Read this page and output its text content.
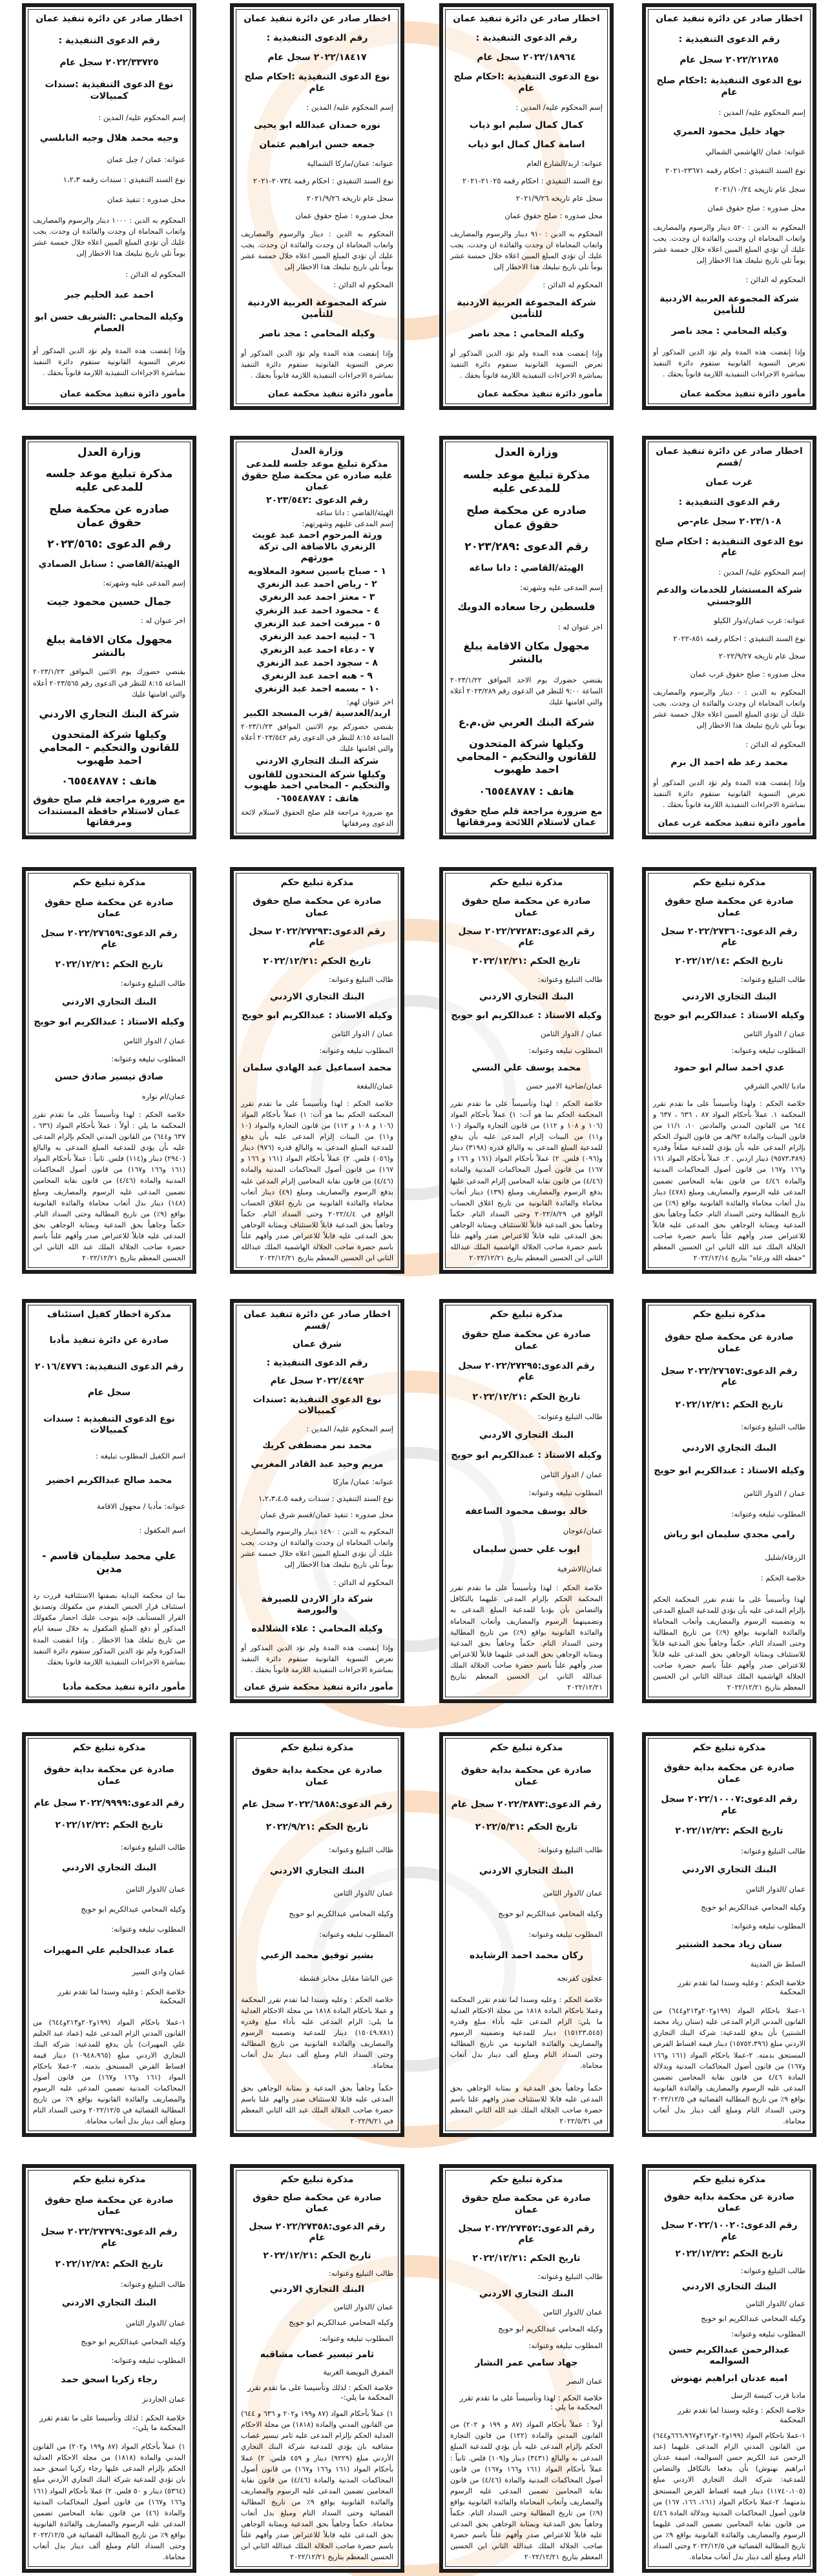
اخطار صادر عن دائرة تنفيذ عمان
رقم الدعوى التنفيذية :
٢٠٢٢/٢١٢٨٥ سجل عام
نوع الدعوى التنفيذية :احكام صلح عام
إسم المحكوم عليه/ المدين :
جهاد خليل محمود العمري
عنوانه: عمان /الهاشمي الشمالي
نوع السند التنفيذي : احكام رقمه ٢٣٦٧١-٢٠٢١
سجل عام تاريخه ٢٠٢١/١٠/٢٤
محل صدوره : صلح حقوق عمان
المحكوم به الدين : ٥٢٠ دينار والرسوم والمصاريف واتعاب المحاماة ان وجدت والفائدة ان وجدت. يجب عليك أن تؤدي المبلغ المبين اعلاه خلال خمسة عشر يوماً تلي تاريخ تبليغك هذا الاخطار إلى
المحكوم له الدائن :
شركة المجموعة العربية الاردنية للتأمين
وكيله المحامي : مجد ناصر
وإذا إنقضت هذه المدة ولم تؤد الدين المذكور أو تعرض التسوية القانونية ستقوم دائرة التنفيذ بمباشرة الاجراءات التنفيذية اللازمة قانوناً بحقك .
مأمور دائرة تنفيذ محكمة عمان
اخطار صادر عن دائرة تنفيذ عمان
رقم الدعوى التنفيذية :
٢٠٢٢/١٨٩٦٤ سجل عام
نوع الدعوى التنفيذية :احكام صلح عام
إسم المحكوم عليه/ المدين :
كمال كمال سليم ابو ذياب
اسامة كمال كمال ابو ذياب
عنوانه: اربد/الشارع العام
نوع السند التنفيذي : احكام رقمه ٢١٠٢٥-٢٠٢١
سجل عام تاريخه ٢٠٢١/٩/٢٦
محل صدوره : صلح حقوق عمان
المحكوم به الدين : ٩١٠ دينار والرسوم والمصاريف واتعاب المحاماة ان وجدت والفائدة ان وجدت. يجب عليك أن تؤدي المبلغ المبين اعلاه خلال خمسة عشر يوماً تلي تاريخ تبليغك هذا الاخطار إلى
المحكوم له الدائن :
شركة المجموعة العربية الاردنية للتأمين
وكيله المحامي : مجد ناصر
وإذا إنقضت هذه المدة ولم تؤد الدين المذكور أو تعرض التسوية القانونية ستقوم دائرة التنفيذ بمباشرة الاجراءات التنفيذية اللازمة قانوناً بحقك .
مأمور دائرة تنفيذ محكمة عمان
اخطار صادر عن دائرة تنفيذ عمان
رقم الدعوى التنفيذية :
٢٠٢٢/١٨٤١٧ سجل عام
نوع الدعوى التنفيذية :احكام صلح عام
إسم المحكوم عليه/ المدين :
نوره حمدان عبدالله ابو يحيى
جمعه حسن ابراهيم عثمان
عنوانه: عمان/ماركا الشمالية
نوع السند التنفيذي : احكام رقمه ٢٠٧٣٤-٢٠٢١
سجل عام تاريخه ٢٠٢١/٩/٢٦
محل صدوره : صلح حقوق عمان
المحكوم به الدين : دينار والرسوم والمصاريف واتعاب المحاماة ان وجدت والفائدة ان وجدت. يجب عليك أن تؤدي المبلغ المبين اعلاه خلال خمسة عشر يوماً تلي تاريخ تبليغك هذا الاخطار إلى
المحكوم له الدائن :
شركة المجموعة العربية الاردنية للتأمين
وكيله المحامي : مجد ناصر
وإذا إنقضت هذه المدة ولم تؤد الدين المذكور أو تعرض التسوية القانونية ستقوم دائرة التنفيذ بمباشرة الاجراءات التنفيذية اللازمة قانوناً بحقك .
مأمور دائرة تنفيذ محكمة عمان
اخطار صادر عن دائرة تنفيذ عمان
رقم الدعوى التنفيذية :
٢٠٢٢/٣٣٧٢٥ سجل عام
نوع الدعوى التنفيذية :سندات كمبيالات
إسم المحكوم عليه/ المدين :
وجيه محمد هلال وجيه النابلسي
عنوانه: عمان / جبل عمان
نوع السند التنفيذي : سندات رقمه ١،٢،٣
محل صدوره : تنفيذ عمان
المحكوم به الدين : ١٠٠٠ دينار والرسوم والمصاريف واتعاب المحاماة ان وجدت والفائدة ان وجدت. يجب عليك أن تؤدي المبلغ المبين اعلاه خلال خمسة عشر يوماً تلي تاريخ تبليغك هذا الاخطار إلى
المحكوم له الدائن :
احمد عبد الحليم جبر
وكيله المحامي :الشريف حسن ابو العصام
وإذا إنقضت هذه المدة ولم تؤد الدين المذكور أو تعرض التسوية القانونية ستقوم دائرة التنفيذ بمباشرة الاجراءات التنفيذية اللازمة قانوناً بحقك .
مأمور دائرة تنفيذ محكمة عمان
اخطار صادر عن دائرة تنفيذ عمان /قسم
غرب عمان
رقم الدعوى التنفيذية :
٢٠٢٣/١٠٨ سجل عام-ص
نوع الدعوى التنفيذية : احكام صلح عام
إسم المحكوم عليه/ المدين :
شركة المستشار للخدمات والدعم اللوجستي
عنوانه: غرب عمان/دوار الكيلو
نوع السند التنفيذي : احكام رقمه ٨٥١-٢٠٢٢
سجل عام تاريخه ٢٠٢٢/٩/٢٧
محل صدوره : صلح حقوق غرب عمان
المحكوم به الدين : ٠ دينار والرسوم والمصاريف واتعاب المحاماة ان وجدت والفائدة ان وجدت. يجب عليك أن تؤدي المبلغ المبين اعلاه خلال خمسة عشر يوماً تلي تاريخ تبليغك هذا الاخطار إلى
المحكوم له الدائن :
محمد رعد طه احمد ال برم
وإذا إنقضت هذه المدة ولم تؤد الدين المذكور أو تعرض التسوية القانونية ستقوم دائرة التنفيذ بمباشرة الاجراءات التنفيذية اللازمة قانوناً بحقك .
مأمور دائرة تنفيذ محكمة غرب عمان
وزارة العدل
مذكرة تبليغ موعد جلسه للمدعى عليه
صادره عن محكمة صلح حقوق عمان
رقم الدعوى :٢٠٢٣/٢٨٩
الهيئة/القاضي : دانا ساغه
إسم المدعى عليه وشهرته:
فلسطين رجا سعاده الدويك
اخر عنوان له :
مجهول مكان الاقامة يبلغ بالنشر
يقتضي حضورك يوم الاحد الموافق ٢٠٢٣/١/٢٢ الساعة ٩:٠٠ للنظر في الدعوى رقم ٢٠٢٣/٢٨٩ أعلاه والتي اقامتها عليك
شركة البنك العربي ش.م.ع
وكيلها شركة المتحدون للقانون والتحكيم - المحامي احمد طهبوب
هاتف : ٠٦٥٥٤٨٧٨٧
مع ضرورة مراجعة قلم صلح حقوق عمان لاستلام اللائحة ومرفقاتها
وزارة العدل
مذكرة تبليغ موعد جلسه للمدعى عليه صادره عن محكمة صلح حقوق عمان
رقم الدعوى :٢٠٢٣/٥٤٢
الهيئة/القاضي : دانا ساغه
إسم المدعى عليهم وشهرتهم:
ورثة المرحوم احمد عبد غويث الزنغري بالاضافة الى تركة مورثهم
١ - صباح ياسين سعود المعلاويه
٢ - رياض احمد عبد الزنغري
٣ - معتز احمد عبد الزنغري
٤ - محمود احمد عبد الزنغري
٥ - ميرفت احمد عبد الزنغري
٦ - لبنيه احمد عبد الزنغري
٧ - دعاء احمد عبد الزنغري
٨ - سجود احمد عبد الزنغري
٩ - هبه احمد عبد الزنغري
١٠ - بسمه احمد عبد الزنغري
اخر عنوان لهم:
اربد/العدسية /قرب المسجد الكبير
يقتضي حضوركم يوم الاثنين الموافق ٢٠٢٣/١/٢٣ الساعة ٨:١٥ للنظر في الدعوى رقم ٢٠٢٣/٥٤٢ أعلاه والتي اقامتها عليك
شركة البنك التجاري الاردني
وكيلها شركة المتحدون للقانون والتحكيم - المحامي احمد طهبوب
هاتف : ٠٦٥٥٤٨٧٨٧
مع ضرورة مراجعة قلم صلح الحقوق لاستلام لائحة الدعوى ومرفقاتها
وزارة العدل
مذكرة تبليغ موعد جلسه للمدعى عليه
صادره عن محكمة صلح حقوق عمان
رقم الدعوى :٢٠٢٣/٥٦٥
الهيئة/القاضي : سنابل الصمادي
إسم المدعى عليه وشهرته:
جمال حسين محمود جيت
اخر عنوان له :
مجهول مكان الاقامة يبلغ بالنشر
يقتضي حضورك يوم الاثنين الموافق ٢٠٢٣/١/٢٣ الساعة ٨:١٥ للنظر في الدعوى رقم ٢٠٢٣/٥٦٥ أعلاه والتي اقامتها عليك
شركة البنك التجاري الاردني
وكيلها شركة المتحدون للقانون والتحكيم - المحامي احمد طهبوب
هاتف : ٠٦٥٥٤٨٧٨٧
مع ضرورة مراجعة قلم صلح حقوق عمان لاستلام حافظة المستندات ومرفقاتها
مذكرة تبليغ حكم
صادرة عن محكمة صلح حقوق عمان
رقم الدعوى:٢٠٢٢/٢٧٣٦٠ سجل عام
تاريخ الحكم :٢٠٢٢/١٢/١٤
طالب التبليغ وعنوانه:
البنك التجاري الاردني
وكيله الاستاذ : عبدالكريم ابو حويج
عمان / الدوار الثامن
المطلوب تبليغه وعنوانه:
عدي احمد سالم ابو حمود
مادبا /الحي الشرقي
خلاصة الحكم : ولهذا وتأسيساً على ما تقدم تقرر المحكمة ١. عملاً بأحكام المواد ٨٧ ، ٦٣٦ ، ٦٣٧ و ٦٤٤ من القانون المدني والمادتين ١٠، ١١/١ من قانون البينات والمادة ٩٢/هـ من قانون البنوك الحكم بإلزام المدعى عليه بأن يؤدي للمدعية مبلغاً وقدره (٩٥٧٣،٣٨٩) دينار اردني . ٢. عملاً بأحكام المواد ١٦١ و١٦٦ و١٦٧ من قانون أصول المحاكمات المدنية والمادة ٤/٤٦ من قانون نقابة المحامين تضمين المدعى عليه الرسوم والمصاريف ومبلغ (٤٧٨) دينار بدل أتعاب محاماة والفائدة القانونية بواقع (٩٪) من تاريخ المطالبة وحتى السداد التام. حكماً وجاهياً بحق المدعية وبمثابة الوجاهي بحق المدعى عليه قابلاً للاعتراض صدر وأفهم علناً باسم حضرة صاحب الجلالة الملك عبد الله الثاني ابن الحسين المعظم "حفظه الله ورعاه" بتاريخ ٢٠٢٢/١٢/١٤
مذكرة تبليغ حكم
صادرة عن محكمة صلح حقوق عمان
رقم الدعوى:٢٠٢٢/٢٧٢٨٣ سجل عام
تاريخ الحكم :٢٠٢٢/١٢/٢١
طالب التبليغ وعنوانه:
البنك التجاري الاردني
وكيله الاستاذ : عبدالكريم ابو حويج
عمان / الدوار الثامن
المطلوب تبليغه وعنوانه:
محمد يوسف علي النسي
عمان/ضاحية الامير حسن
خلاصة الحكم : لهذا وتأسيساً على ما تقدم تقرر المحكمة الحكم بما هو آت: ١) عملاً بأحكام المواد (١٠٦ و ١٠٨ و ١١٢) من قانون التجارة والمواد (١٠ و١١) من البينات إلزام المدعى عليه بأن يدفع للمدعية المبلغ المدعى به والبالغ قدره (٣١٩٨) دينار و(٠٩٦) فلس. ٢) عملاً بأحكام المواد (١٦١ و ١٦٦ و ١٦٧) من قانون أصول المحاكمات المدنية والمادة (٤/٤٦) من قانون نقابة المحامين إلزام المدعى عليها بدفع الرسوم والمصاريف ومبلغ (١٣٩) دينار أتعاب محاماة والفائدة القانونية من تاريخ اغلاق الحساب الواقع في ٢٠٢٢/٨/٢٩ وحتى السداد التام. حكماً وجاهياً بحق المدعية قابلاً للاستئناف وبمثابة الوجاهي بحق المدعى عليه قابلاً للاعتراض صدر وأفهم علناً باسم حضرة صاحب الجلالة الهاشمية الملك عبدالله الثاني ابن الحسين المعظم بتاريخ ٢٠٢٢/١٢/٢١
مذكرة تبليغ حكم
صادرة عن محكمة صلح حقوق عمان
رقم الدعوى:٢٠٢٢/٢٧٢٩٣ سجل عام
تاريخ الحكم :٢٠٢٢/١٢/٢١
طالب التبليغ وعنوانه:
البنك التجاري الاردني
وكيله الاستاذ : عبدالكريم ابو حويج
عمان / الدوار الثامن
المطلوب تبليغه وعنوانه:
محمد اسماعيل عبد الهادي سلمان
عمان/البقعة
خلاصة الحكم : لهذا وتأسيساً على ما تقدم تقرر المحكمة الحكم بما هو آت: ١) عملاً بأحكام المواد (١٠٦ و ١٠٨ و ١١٢) من قانون التجارة والمواد (١٠ و١١) من البينات إلزام المدعى عليه بأن يدفع للمدعية المبلغ المدعى به والبالغ قدره (٩٧٦) دينار و(٠٥٦) فلس. ٢) عملاً بأحكام المواد (١٦١ و ١٦٦ و ١٦٧) من قانون أصول المحاكمات المدنية والمادة (٤/٤٦) من قانون نقابة المحامين إلزام المدعى عليه بدفع الرسوم والمصاريف ومبلغ (٤٩) دينار أتعاب محاماة والفائدة القانونية من تاريخ اغلاق الحساب الواقع في ٢٠٢٢/٤/٤ وحتى السداد التام. حكماً وجاهياً بحق المدعية قابلاً للاستئناف وبمثابة الوجاهي بحق المدعى عليه قابلاً للاعتراض صدر وأفهم علناً باسم حضرة صاحب الجلالة الهاشمية الملك عبدالله الثاني ابن الحسين المعظم بتاريخ ٢٠٢٢/١٢/٢١
مذكرة تبليغ حكم
صادرة عن محكمة صلح حقوق عمان
رقم الدعوى:٢٠٢٢/٢٧٦٥٩ سجل عام
تاريخ الحكم :٢٠٢٢/١٢/٢١
طالب التبليغ وعنوانه:
البنك التجاري الاردني
وكيله الاستاذ : عبدالكريم ابو حويج
عمان / الدوار الثامن
المطلوب تبليغه وعنوانه:
صادق تيسير صادق حسن
عمان/ام نواره
خلاصة الحكم : لهذا وتأسيساً على ما تقدم تقرر المحكمة ما يلي : أولاً : عملاً بأحكام المواد (٦٣٦ ، ٦٣٧ و٦٤٤) من القانون المدني الحكم بإلزام المدعى عليه بأن يؤدي للمدعية المبلغ المدعى به والبالغ (٢٩٤٠) دينار و(١١٤) فلس. ثانياً : عملاً بأحكام المواد (١٦١ و١٦٦ و١٦٧) من قانون أصول المحاكمات المدنية والمادة (٤/٤٦) من قانون نقابة المحامين تضمين المدعى عليه الرسوم والمصاريف ومبلغ (١٤٨) دينار بدل أتعاب محاماة والفائدة القانونية بواقع (٩٪) من تاريخ المطالبة وحتى السداد التام. حكماً وجاهياً بحق المدعية وبمثابة الوجاهي بحق المدعى عليه قابلاً للاعتراض صدر وأفهم علناً باسم حضرة صاحب الجلالة الملك عبد الله الثاني ابن الحسين المعظم بتاريخ ٢٠٢٢/١٢/٢١
مذكرة تبليغ حكم
صادرة عن محكمة صلح حقوق عمان
رقم الدعوى:٢٠٢٢/٢٧٦٥٧ سجل عام
تاريخ الحكم :٢٠٢٢/١٢/٢١
طالب التبليغ وعنوانه:
البنك التجاري الاردني
وكيله الاستاذ : عبدالكريم ابو حويج
عمان / الدوار الثامن
المطلوب تبليغه وعنوانه:
رامي مجدي سليمان ابو رياش
الزرقاء/شليل
خلاصة الحكم :
لهذا وتأسيساً على ما تقدم تقرر المحكمة الحكم بإلزام المدعى عليه بأن يؤدي للمدعية المبلغ المدعى به وتضمينه الرسوم والمصاريف وأتعاب المحاماة والفائدة القانونية بواقع (٩٪) من تاريخ المطالبة وحتى السداد التام. حكماً وجاهياً بحق المدعية قابلاً للاستئناف وبمثابة الوجاهي بحق المدعى عليه قابلاً للاعتراض صدر وأفهم علناً باسم حضرة صاحب الجلالة الهاشمية الملك عبدالله الثاني ابن الحسين المعظم بتاريخ ٢٠٢٢/١٢/٢١
مذكرة تبليغ حكم
صادرة عن محكمة صلح حقوق عمان
رقم الدعوى:٢٠٢٢/٢٧٢٩٥ سجل عام
تاريخ الحكم :٢٠٢٢/١٢/٢١
طالب التبليغ وعنوانه:
البنك التجاري الاردني
وكيله الاستاذ : عبدالكريم ابو حويج
عمان / الدوار الثامن
المطلوب تبليغه وعنوانه:
خالد يوسف محمود الساعفه
عمان/عوجان
ايوب علي حسن سليمان
عمان/الاشرفية
خلاصة الحكم : لهذا وتأسيساً على ما تقدم تقرر المحكمة الحكم بإلزام المدعى عليهما بالتكافل والتضامن بأن يؤديا للمدعية المبلغ المدعى به وتضمينهما الرسوم والمصاريف وأتعاب المحاماة والفائدة القانونية بواقع (٩٪) من تاريخ المطالبة وحتى السداد التام. حكماً وجاهياً بحق المدعية وبمثابة الوجاهي بحق المدعى عليهما قابلاً للاعتراض صدر وأفهم علناً باسم حضرة صاحب الجلالة الملك عبدالله الثاني ابن الحسين المعظم بتاريخ ٢٠٢٢/١٢/٢١
اخطار صادر عن دائرة تنفيذ عمان /قسم
شرق عمان
رقم الدعوى التنفيذية :
٢٠٢٢/٤٤٩٣ سجل عام
نوع الدعوى التنفيذية :سندات كمبيالات
إسم المحكوم عليه/ المدين :
محمد نمر مصطفى كريك
مريم وحيد عبد القادر المغربي
عنوانه: عمان/ ماركا
نوع السند التنفيذي : سندات رقمه ١،٢،٣،٤،٥
محل صدوره : تنفيذ عمان/قسم شرق عمان
المحكوم به الدين : ١٤٩٠ دينار والرسوم والمصاريف واتعاب المحاماة ان وجدت والفائدة ان وجدت. يجب عليك أن تؤدي المبلغ المبين اعلاه خلال خمسة عشر يوماً تلي تاريخ تبليغك هذا الاخطار إلى
المحكوم له الدائن :
شركة دار الاردن للصيرفة والبورصة
وكيله المحامي : علاء الشلالده
وإذا إنقضت هذه المدة ولم تؤد الدين المذكور أو تعرض التسوية القانونية ستقوم دائرة التنفيذ بمباشرة الاجراءات التنفيذية اللازمة قانوناً بحقك .
مأمور دائرة تنفيذ محكمة شرق عمان
مذكرة اخطار كفيل استئناف
صادرة عن دائرة تنفيذ مأدبا
رقم الدعوى التنفيذية: ٢٠١٦/٤٧٧٦
سجل عام
نوع الدعوى التنفيذية : سندات كمبيالات
اسم الكفيل المطلوب تبليغه :
محمد صالح عبدالكريم اخضير
عنوانه: مأدبا / مجهول الاقامة
اسم المكفول :
علي محمد سليمان قاسم - مدين
بما ان محكمة البداية بصفتها الاستئنافية قررت رد استئناف قرار الحبس المقدم من مكفولك وتصديق القرار المستأنف فإنه يتوجب عليك احضار مكفولك المذكور أو دفع المبلغ المكفول به خلال سبعة ايام من تاريخ تبلغك هذا الاخطار . وإذا انقضت المدة المذكورة ولم تؤد الدين المذكور ستقوم دائرة التنفيذ بمباشرة الاجراءات التنفيذية اللازمة قانونا بحقك
مأمور دائرة تنفيذ محكمة مأدبا
مذكرة تبليغ حكم
صادرة عن محكمة بداية حقوق عمان
رقم الدعوى:٢٠٢٢/١٠٠٠٧ سجل عام
تاريخ الحكم :٢٠٢٢/١٢/٢٢
طالب التبليغ وعنوانه:
البنك التجاري الاردني
عمان /الدوار الثامن
وكيله المحامي عبدالكريم ابو حويج
المطلوب تبليغه وعنوانه:
سنان زياد محمد الشنتير
السلط ش المدينة
خلاصة الحكم : وعليه وسندا لما تقدم تقرر المحكمة
١-عملا باحكام المواد (١٩٩و٢٠٢و٢١٣و٦٤٤) من القانون المدني الزام المدعى عليه (سنان زياد محمد الشنتير) بأن يدفع للمدعية: شركة البنك التجاري الاردني مبلغ (١٥٧٥٢،٣٩٦) دينار قيمة اقساط القرض المستحق بذمته. ٢-عملا باحكام المواد (١٦١ و١٦٦ و١٦٧) من قانون أصول المحاكمات المدنية وبدلالة المادة ٤/٤٦ من قانون نقابة المحامين تضمين المدعى عليه الرسوم والمصاريف والفائدة القانونية بواقع ٩٪ من تاريخ المطالبة القضائية في ٢٠٢٢/١٢/٥ وحتى السداد التام ومبلغ ألف دينار بدل أتعاب محاماة.
مذكرة تبليغ حكم
صادرة عن محكمة بداية حقوق عمان
رقم الدعوى:٢٠٢٢/٣٨٧٣ سجل عام
تاريخ الحكم :٢٠٢٢/٥/٣١
طالب التبليغ وعنوانه:
البنك التجاري الاردني
عمان /الدوار الثامن
وكيله المحامي عبدالكريم ابو حويج
المطلوب تبليغه وعنوانه:
ركان محمد احمد الرشايده
عجلون كفرنجه
خلاصة الحكم : وعليه وسندا لما تقدم تقرر المحكمة وعملا باحكام المادة ١٨١٨ من مجلة الاحكام العدلية ما يلي: الزام المدعى عليه بأداء مبلغ وقدره (١٥١٢٣،٥٤٥) دينار للمدعية وتضمينه الرسوم والمصاريف والفائدة القانونية من تاريخ المطالبة وحتى السداد التام ومبلغ ألف دينار بدل أتعاب محاماة.
حكماً وجاهياً بحق المدعية و بمثابة الوجاهي بحق المدعى عليه قابلا للاستئناف صدر وافهم علنا باسم حضرة صاحب الجلالة الملك عبد الله الثاني المعظم في ٢٠٢٢/٥/٣١
مذكرة تبليغ حكم
صادرة عن محكمة بداية حقوق عمان
رقم الدعوى:٢٠٢٢/٦٨٥٨ سجل عام
تاريخ الحكم :٢٠٢٢/٩/٢١
طالب التبليغ وعنوانه:
البنك التجاري الاردني
عمان /الدوار الثامن
وكيله المحامي عبدالكريم ابو حويج
المطلوب تبليغه وعنوانه:
بشير توفيق محمد الزعبي
عين الباشا مقابل مخابز قشطة
خلاصة الحكم : وعليه وسندا لما تقدم تقرر المحكمة و عملا باحكام المادة ١٨١٨ من مجلة الاحكام العدلية ما يلي: الزام المدعى عليه بأداء مبلغ وقدره (١٥٠٤٩،٧٨١) دينار للمدعية وتضمينه الرسوم والمصاريف والفائدة القانونية من تاريخ المطالبة وحتى السداد التام ومبلغ ألف دينار بدل أتعاب محاماة.
حكماً وجاهياً بحق المدعية و بمثابة الوجاهي بحق المدعى عليه قابلا للاستئناف صدر والهم علنا باسم حضرة صاحب الجلالة الملك عبد الله الثاني المعظم في ٢٠٢٢/٩/٢١
مذكرة تبليغ حكم
صادرة عن محكمة بداية حقوق عمان
رقم الدعوى:٢٠٢٢/٩٩٩٩ سجل عام
تاريخ الحكم :٢٠٢٢/١٢/٢٢
طالب التبليغ وعنوانه:
البنك التجاري الاردني
عمان /الدوار الثامن
وكيله المحامي عبدالكريم ابو حويج
المطلوب تبليغه وعنوانه:
عماد عبدالحليم علي المهيرات
عمان وادي السير
خلاصة الحكم : وعليه وسندا لما تقدم تقرر المحكمة
١-عملا باحكام المواد (١٩٩و٢٠٢و٢١٣و٦٤٤) من القانون المدني الزام المدعى عليه (عماد عبد الحليم علي المهيرات) بأن يدفع للمدعية: شركة البنك التجاري الاردني مبلغ (١٠٩٤٨،٩٦٥) دينار قيمة اقساط القرض المستحق بذمته. ٢-عملا باحكام المواد (١٦١ و١٦٦ و١٦٧) من قانون أصول المحاكمات المدنية تضمين المدعى عليه الرسوم والمصاريف والفائدة القانونية بواقع ٩٪ من تاريخ المطالبة القضائية في ٢٠٢٢/١٢/٥ وحتى السداد التام ومبلغ ألف دينار بدل أتعاب محاماة.
مذكرة تبليغ حكم
صادرة عن محكمة بداية حقوق عمان
رقم الدعوى:٢٠٢٢/١٠٠٢٠ سجل عام
تاريخ الحكم :٢٠٢٢/١٢/٢٢
طالب التبليغ وعنوانه:
البنك التجاري الاردني
عمان /الدوار الثامن
وكيله المحامي عبدالكريم ابو حويج
المطلوب تبليغه وعنوانه:
عبدالرحمن عبدالكريم حسن السوالمه
اميه عدنان ابراهيم نهنوش
مادبا قرب كنيسة الرسل
خلاصة الحكم : وعليه وسندا لما تقدم تقرر المحكمة
١-عملا باحكام المواد (١٩٩و٢٠٢و٢١٣و٦٦٦،٩٦٧و٦٤٤) من القانون المدني الزام المدعى عليهما (عبد الرحمن عبد الكريم حسن السوالمة، اميمة عدنان ابراهيم نهنوش) بأن يدفعا بالتكافل والتضامن للمدعية: شركة البنك التجاري الاردني مبلغ (١١٧٤٠،١٠٥) دينار قيمة اقساط القرض المستحق بذمتهما. ٢-عملا باحكام المواد (١٦١، ١٦٦، ١٦٧) من قانون أصول المحاكمات المدنية وبدلالة المادة ٤/٤٦ من قانون نقابة المحامين تضمين المدعى عليهما الرسوم والمصاريف والفائدة القانونية بواقع ٩٪ من تاريخ المطالبة القضائية في ٢٠٢٢/١٢/٥ وحتى السداد التام ومبلغ ألف دينار بدل أتعاب محاماة.
مذكرة تبليغ حكم
صادرة عن محكمة صلح حقوق عمان
رقم الدعوى:٢٠٢٢/٢٧٣٥٢ سجل عام
تاريخ الحكم :٢٠٢٢/١٢/٢١
طالب التبليغ وعنوانه:
البنك التجاري الاردني
عمان /الدوار الثامن
وكيله المحامي عبدالكريم ابو حويج
المطلوب تبليغه وعنوانه:
جهاد سامي عمر النشار
عمان النصر
خلاصة الحكم : لهذا وتأسيساً على ما تقدم تقرر المحكمة ما يلي :
أولاً : عملاً بأحكام المواد (٨٧ و ١٩٩ و ٢٠٢) من القانون المدني والمادة (١٢٢) من قانون التجارة الحكم بإلزام المدعى عليه بأن يؤدي للمدعية المبلغ المدعى به والبالغ (٣٤٣١) دينار و(١٠٩) فلس. ثانياً : عملاً بأحكام المواد (١٦١ و١٦٦ و١٦٧) من قانون أصول المحاكمات المدنية والمادة (٤/٤٦) من قانون نقابة المحامين تضمين المدعى عليه الرسوم والمصاريف وأتعاب المحاماة والفائدة القانونية بواقع (٩٪) من تاريخ المطالبة وحتى السداد التام. حكماً وجاهياً بحق المدعية وبمثابة الوجاهي بحق المدعى عليه قابلاً للاعتراض صدر وأفهم علناً باسم حضرة صاحب الجلالة الملك عبدالله الثاني ابن الحسين المعظم بتاريخ ٢٠٢٢/١٢/٢١
مذكرة تبليغ حكم
صادرة عن محكمة صلح حقوق عمان
رقم الدعوى:٢٠٢٢/٢٧٣٥٨ سجل عام
تاريخ الحكم :٢٠٢٢/١٢/٢١
طالب التبليغ وعنوانه:
البنك التجاري الاردني
عمان /الدوار الثامن
وكيله المحامي عبدالكريم ابو حويج
المطلوب تبليغه وعنوانه:
ثامر تيسير غصاب مشاقبه
المفرق البويضة الغربية
خلاصة الحكم : لذلك وتأسيسا على ما تقدم تقرر المحكمة ما يلي:-
١) عملاً بأحكام المواد (٨٧ و١٩٩ و٢٠٢ و ٦٣٦ و ٦٤٤) من القانون المدني والمادة (١٨١٨) من مجلة الاحكام العدلية الحكم بإلزام المدعى عليه ثامر تيسير غصاب مشاقبه بان يؤدي للمدعية شركة البنك التجاري الأردني مبلغ (٩٢٢٩) دينار و ٤٥٩ فلس. ٢) عملا بأحكام المواد (١٦١ و١٦٦ و١٦٧) من قانون أصول المحاكمات المدنية والمادة (٤/٤٦) من قانون نقابة المحامين تضمين المدعى عليه الرسوم والمصاريف والفائدة القانونية بواقع ٩٪ من تاريخ المطالبة القضائية وحتى السداد التام ومبلغ بدل أتعاب محاماة. حكماً وجاهياً بحق المدعية وبمثابة الوجاهي بحق المدعى عليه قابلاً للاعتراض صدر وأفهم علناً باسم حضرة صاحب الجلالة الملك عبدالله الثاني ابن الحسين المعظم بتاريخ ٢٠٢٢/١٢/٢١
مذكرة تبليغ حكم
صادرة عن محكمة صلح حقوق عمان
رقم الدعوى:٢٠٢٢/٢٧٣٧٩ سجل عام
تاريخ الحكم :٢٠٢٢/١٢/٢٨
طالب التبليغ وعنوانه:
البنك التجاري الاردني
عمان /الدوار الثامن
وكيله المحامي عبدالكريم ابو حويج
المطلوب تبليغه وعنوانه:
رجاء زكريا اسحق حمد
عمان الجاردنز
خلاصة الحكم : لذلك وتأسيسا على ما تقدم تقرر المحكمة ما يلي:-
١) عملاً بأحكام المواد (٨٧ و١٩٩ و٢٠٢) من القانون المدني والمادة (١٨١٨) من مجلة الاحكام العدلية الحكم بإلزام المدعى عليها رجاء زكريا اسحق حمد بان تؤدي للمدعية شركة البنك التجاري الأردني مبلغ (٥٣٦٤) دينار و ٥٠ فلس. ٢) عملا بأحكام المواد (١٦١ و١٦٦ و١٦٧) من قانون أصول المحاكمات المدنية والمادة (٤٦) من قانون نقابة المحامين تضمين المدعى عليه الرسوم والمصاريف والفائدة القانونية بواقع ٩٪ من تاريخ المطالبة القضائية في ٢٠٢٢/١٢/٥ وحتى السداد التام ومبلغ ألف دينار بدل أتعاب محاماة.
